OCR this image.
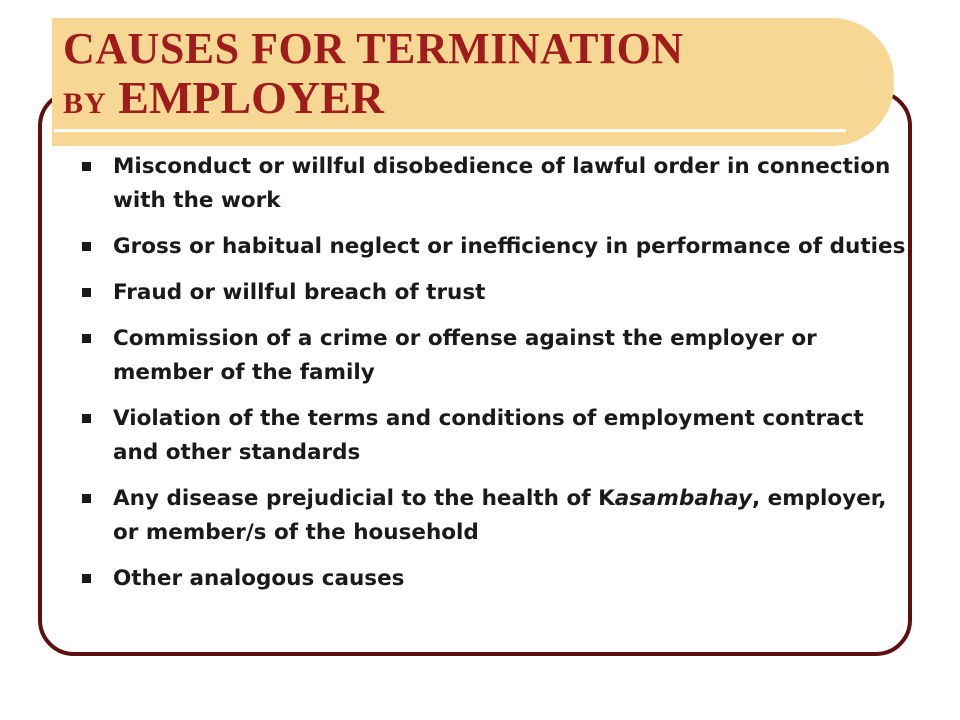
CAUSES FOR TERMINATION
BY EMPLOYER
Misconduct or willful disobedience of lawful order in connection with the work
Gross or habitual neglect or inefficiency in performance of duties
Fraud or willful breach of trust
Commission of a crime or offense against the employer or member of the family
Violation of the terms and conditions of employment contract and other standards
Any disease prejudicial to the health of Kasambahay, employer, or member/s of the household
Other analogous causes
